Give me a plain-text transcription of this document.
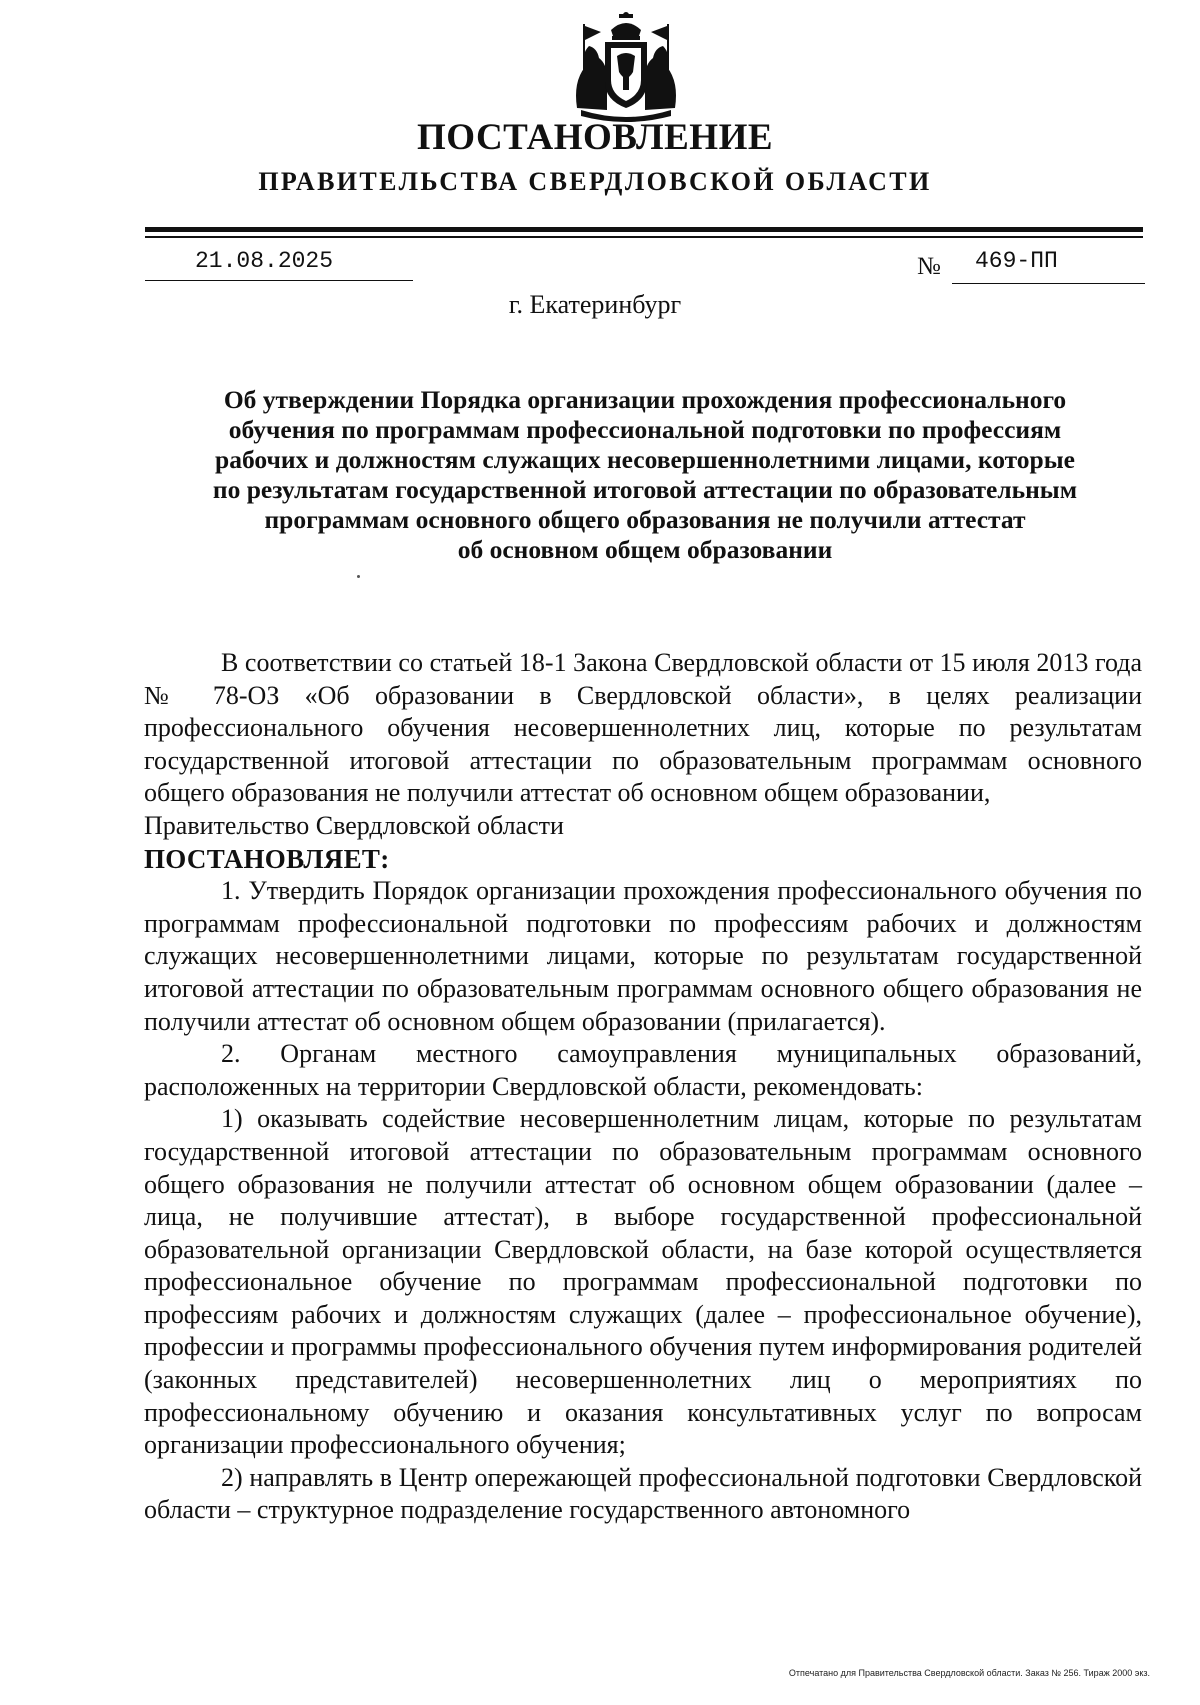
ПОСТАНОВЛЕНИЕ
ПРАВИТЕЛЬСТВА СВЕРДЛОВСКОЙ ОБЛАСТИ
21.08.2025	№ 469-ПП
г. Екатеринбург
Об утверждении Порядка организации прохождения профессионального
обучения по программам профессиональной подготовки по профессиям
рабочих и должностям служащих несовершеннолетними лицами, которые
по результатам государственной итоговой аттестации по образовательным
программам основного общего образования не получили аттестат
об основном общем образовании

В соответствии со статьей 18-1 Закона Свердловской области от 15 июля 2013 года № 78-ОЗ «Об образовании в Свердловской области», в целях реализации профессионального обучения несовершеннолетних лиц, которые по результатам государственной итоговой аттестации по образовательным программам основного общего образования не получили аттестат об основном общем образовании,

Правительство Свердловской области

ПОСТАНОВЛЯЕТ:

1. Утвердить Порядок организации прохождения профессионального обучения по программам профессиональной подготовки по профессиям рабочих и должностям служащих несовершеннолетними лицами, которые по результатам государственной итоговой аттестации по образовательным программам основного общего образования не получили аттестат об основном общем образовании (прилагается).

2. Органам местного самоуправления муниципальных образований, расположенных на территории Свердловской области, рекомендовать:

1) оказывать содействие несовершеннолетним лицам, которые по результатам государственной итоговой аттестации по образовательным программам основного общего образования не получили аттестат об основном общем образовании (далее – лица, не получившие аттестат), в выборе государственной профессиональной образовательной организации Свердловской области, на базе которой осуществляется профессиональное обучение по программам профессиональной подготовки по профессиям рабочих и должностям служащих (далее – профессиональное обучение), профессии и программы профессионального обучения путем информирования родителей (законных представителей) несовершеннолетних лиц о мероприятиях по профессиональному обучению и оказания консультативных услуг по вопросам организации профессионального обучения;

2) направлять в Центр опережающей профессиональной подготовки Свердловской области – структурное подразделение государственного автономного

Отпечатано для Правительства Свердловской области. Заказ № 256. Тираж 2000 экз.
